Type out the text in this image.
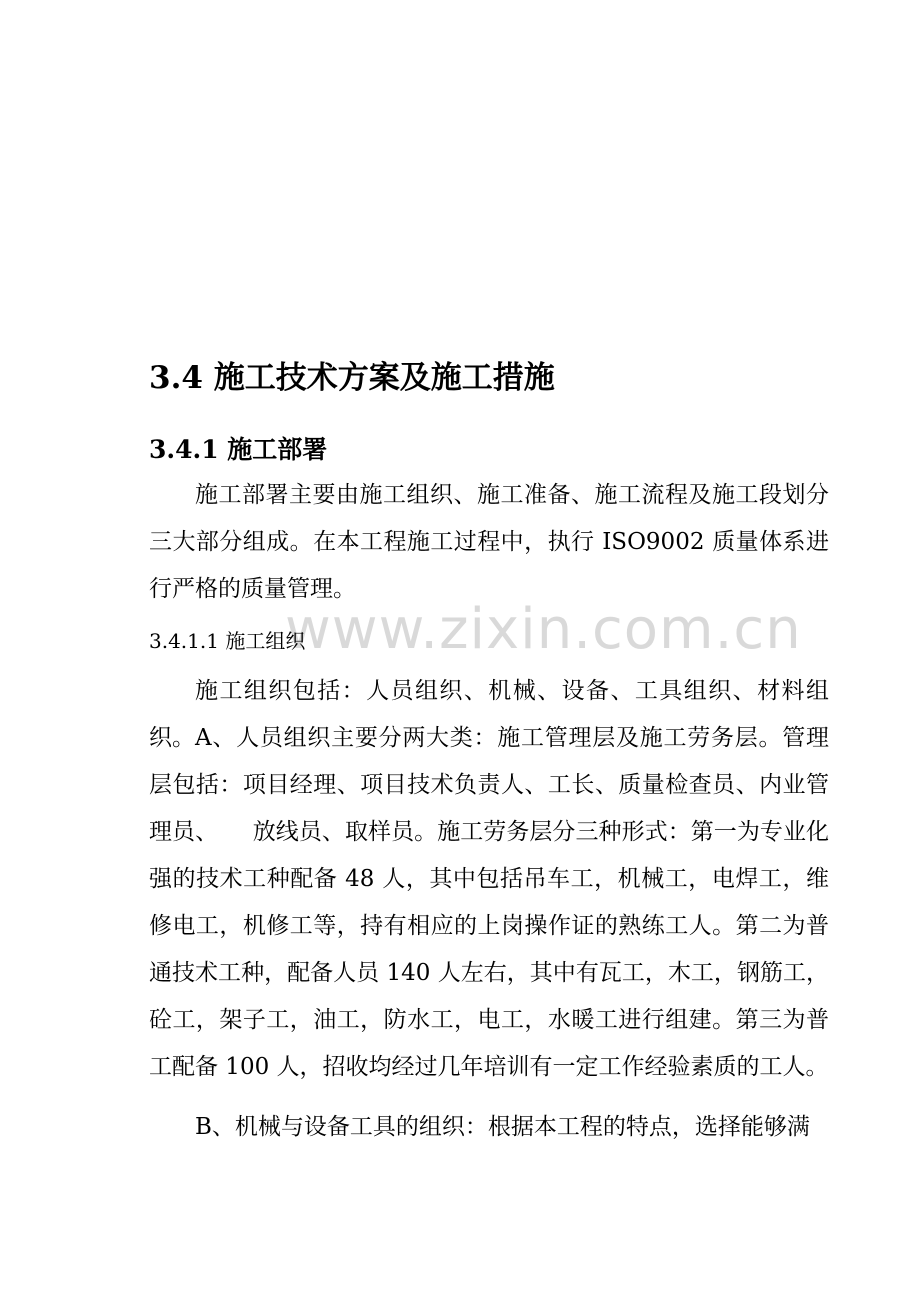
www.zixin.com.cn
3.4 施工技术方案及施工措施
3.4.1 施工部署

施工部署主要由施工组织、施工准备、施工流程及施工段划分三大部分组成。在本工程施工过程中，执行 ISO9002 质量体系进行严格的质量管理。

3.4.1.1 施工组织

施工组织包括：人员组织、机械、设备、工具组织、材料组织。 A、人员组织主要分两大类：施工管理层及施工劳务层。管理层包括：项目经理、项目技术负责人、工长、质量检查员、内业管理员、　　放线员、取样员。施工劳务层分三种形式：第一为专业化强的技术工种配备 48 人，其中包括吊车工，机械工，电焊工，维修电工，机修工等，持有相应的上岗操作证的熟练工人。第二为普通技术工种，配备人员 140 人左右，其中有瓦工，木工，钢筋工，砼工，架子工，油工，防水工，电工，水暖工进行组建。第三为普工配备 100 人，招收均经过几年培训有一定工作经验素质的工人。

B、机械与设备工具的组织：根据本工程的特点，选择能够满
